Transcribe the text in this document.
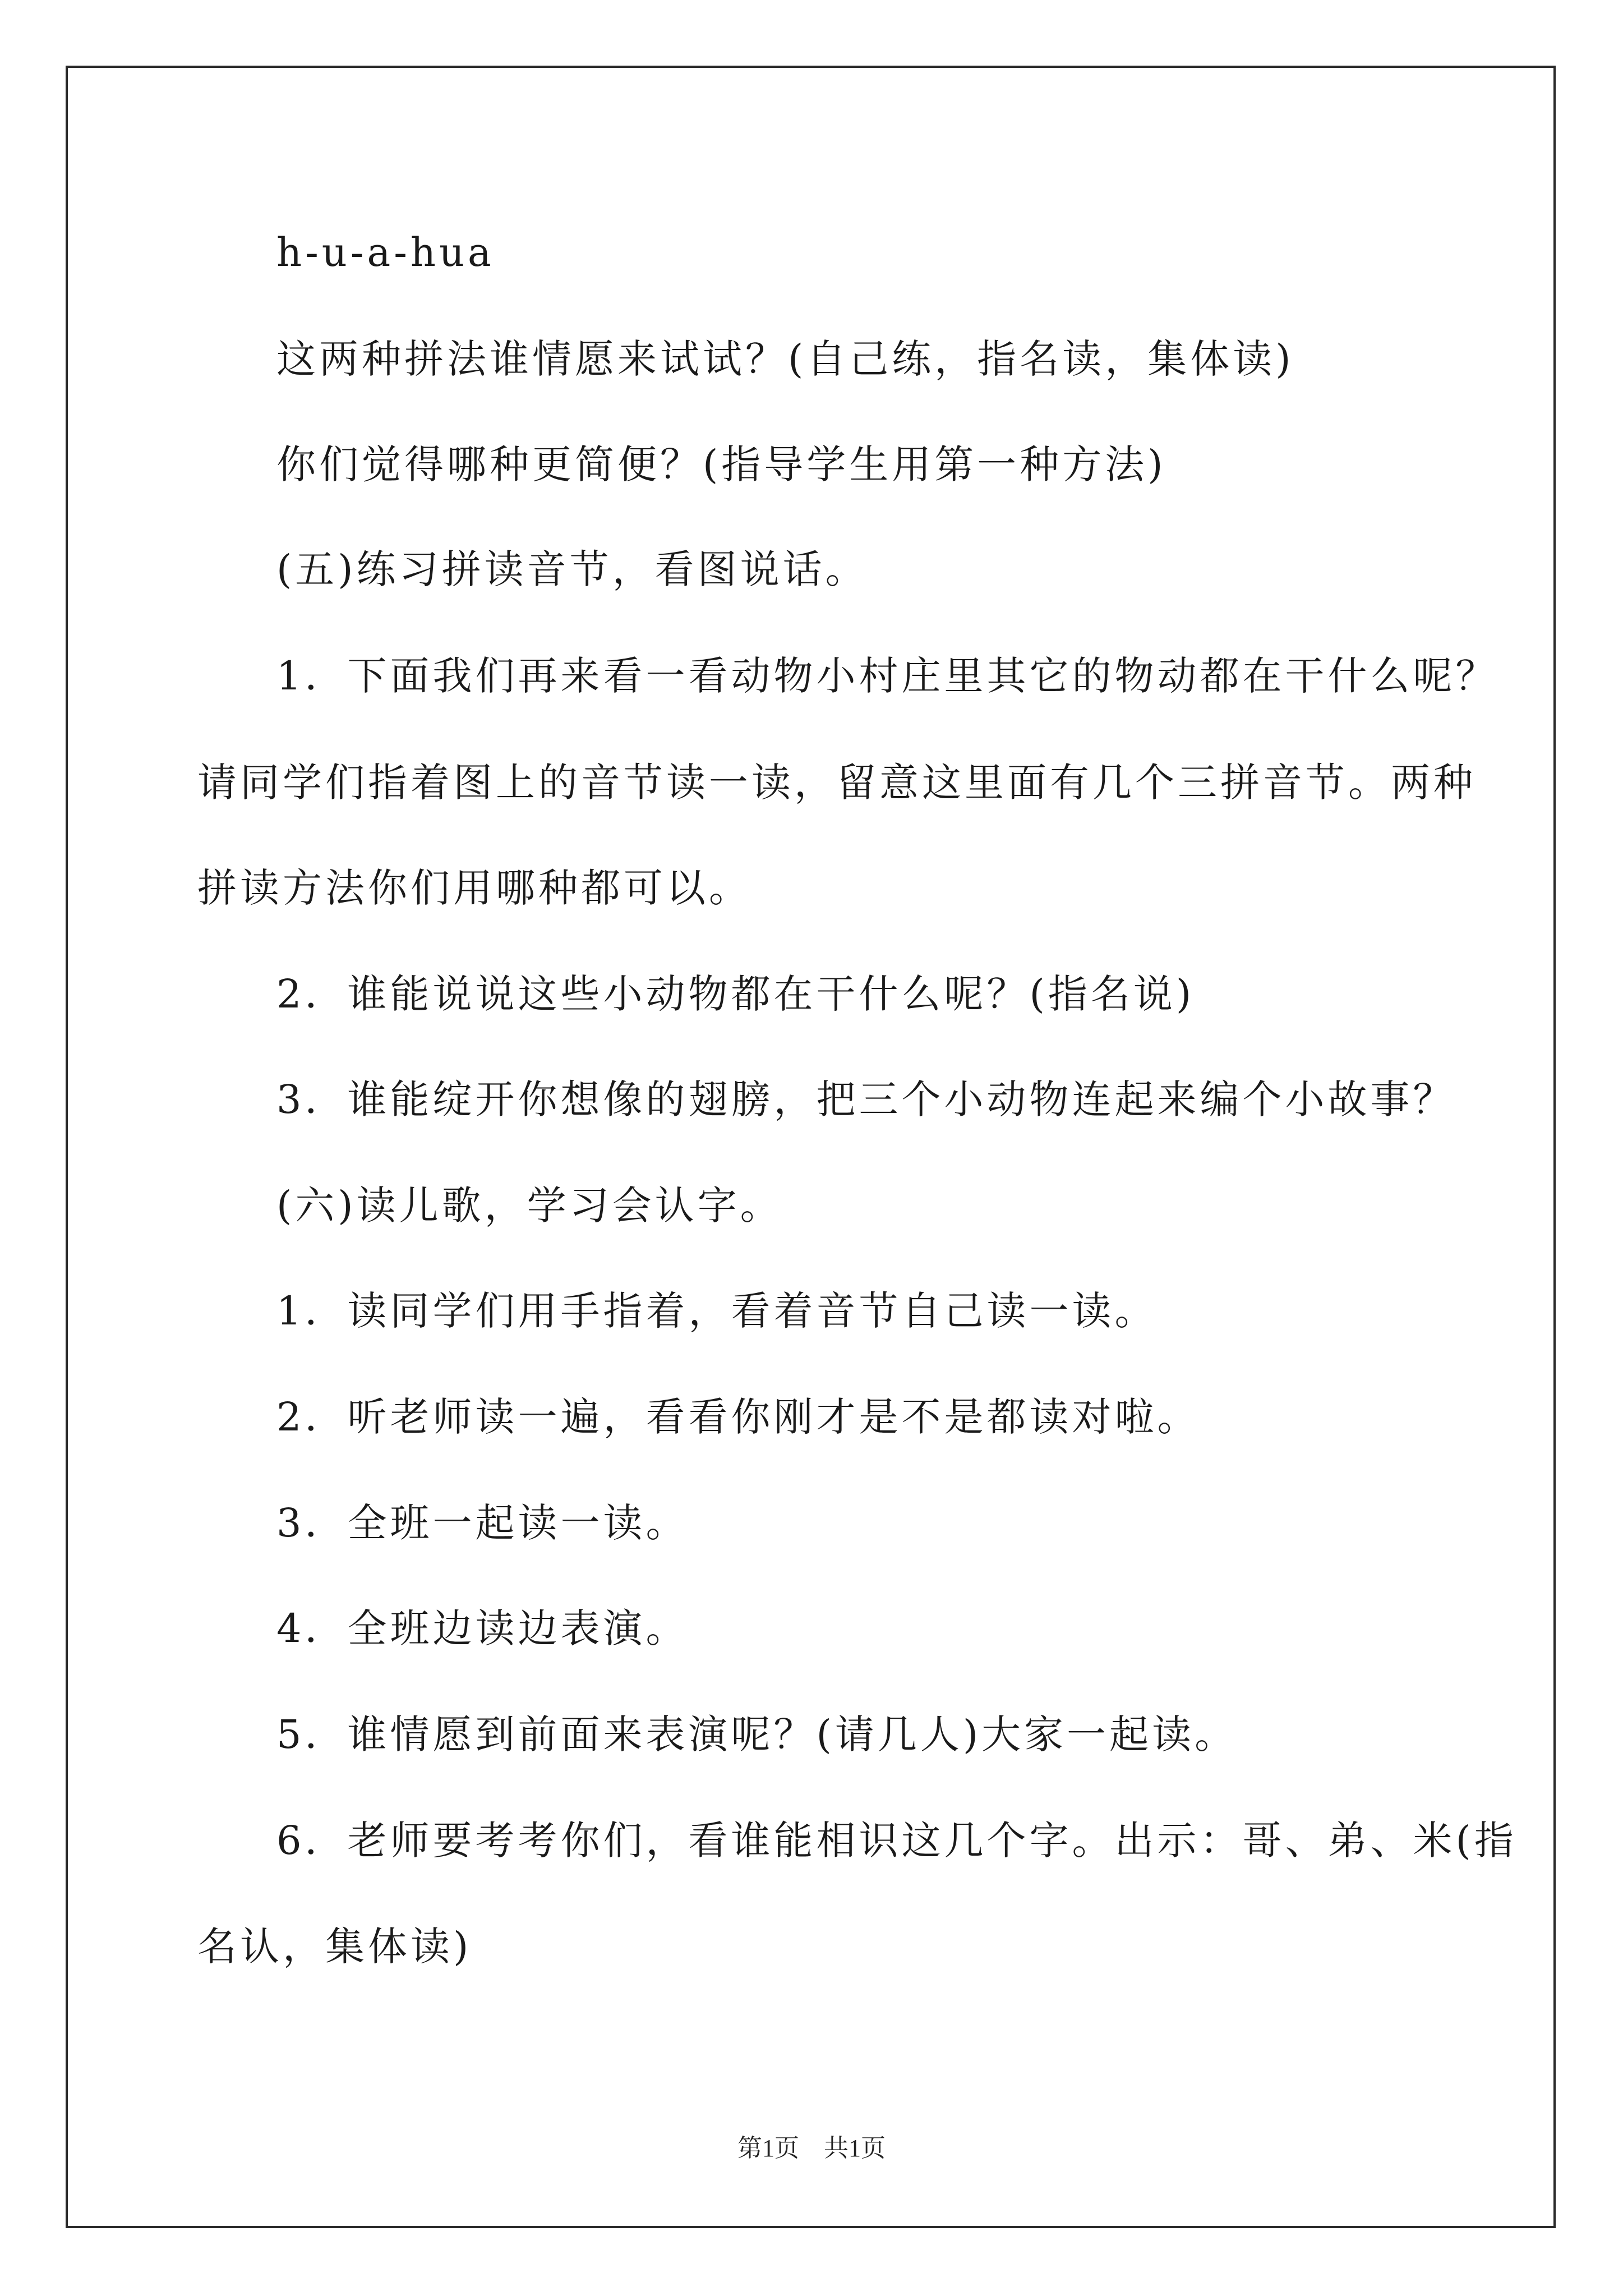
h-u-a-hua
这两种拼法谁情愿来试试？(自己练，指名读，集体读)
你们觉得哪种更简便？(指导学生用第一种方法)
(五)练习拼读音节，看图说话。
1．下面我们再来看一看动物小村庄里其它的物动都在干什么呢？
请同学们指着图上的音节读一读，留意这里面有几个三拼音节。两种
拼读方法你们用哪种都可以。
2．谁能说说这些小动物都在干什么呢？(指名说)
3．谁能绽开你想像的翅膀，把三个小动物连起来编个小故事？
(六)读儿歌，学习会认字。
1．读同学们用手指着，看着音节自己读一读。
2．听老师读一遍，看看你刚才是不是都读对啦。
3．全班一起读一读。
4．全班边读边表演。
5．谁情愿到前面来表演呢？(请几人)大家一起读。
6．老师要考考你们，看谁能相识这几个字。出示：哥、弟、米(指
名认，集体读)
第1页　共1页
